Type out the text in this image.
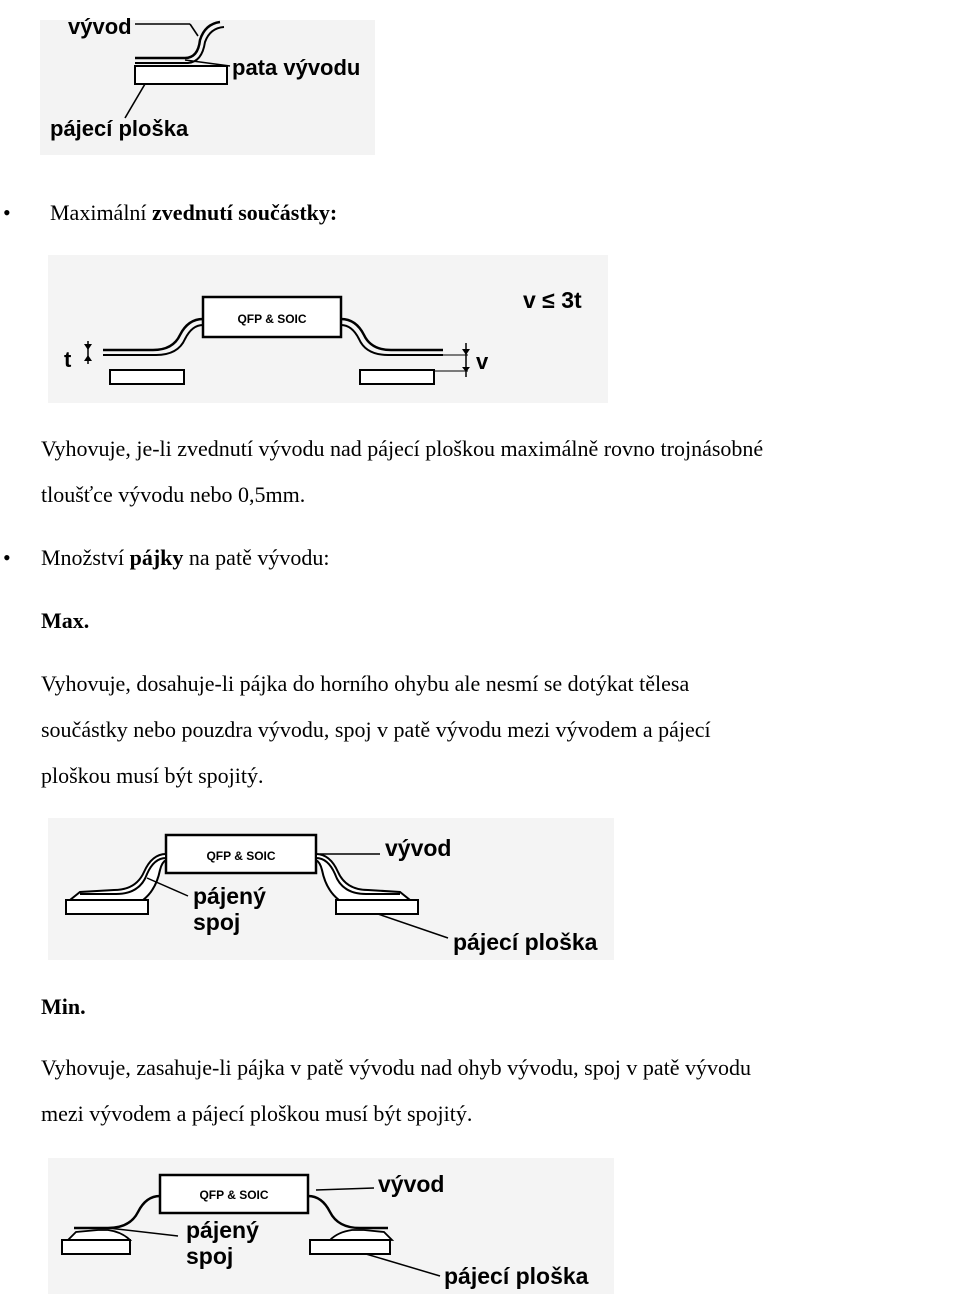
vývod
pata vývodu
pájecí ploška
• Maximální zvednutí součástky:
QFP & SOIC
t	v
v ≤ 3t
Vyhovuje, je-li zvednutí vývodu nad pájecí ploškou maximálně rovno trojnásobné
tloušťce vývodu nebo 0,5mm.
• Množství pájky na patě vývodu:
Max.
Vyhovuje, dosahuje-li pájka do horního ohybu ale nesmí se dotýkat tělesa
součástky nebo pouzdra vývodu, spoj v patě vývodu mezi vývodem a pájecí
ploškou musí být spojitý.
QFP & SOIC	vývod
pájený
spoj
pájecí ploška
Min.
Vyhovuje, zasahuje-li pájka v patě vývodu nad ohyb vývodu, spoj v patě vývodu
mezi vývodem a pájecí ploškou musí být spojitý.
QFP & SOIC	vývod
pájený
spoj
pájecí ploška
